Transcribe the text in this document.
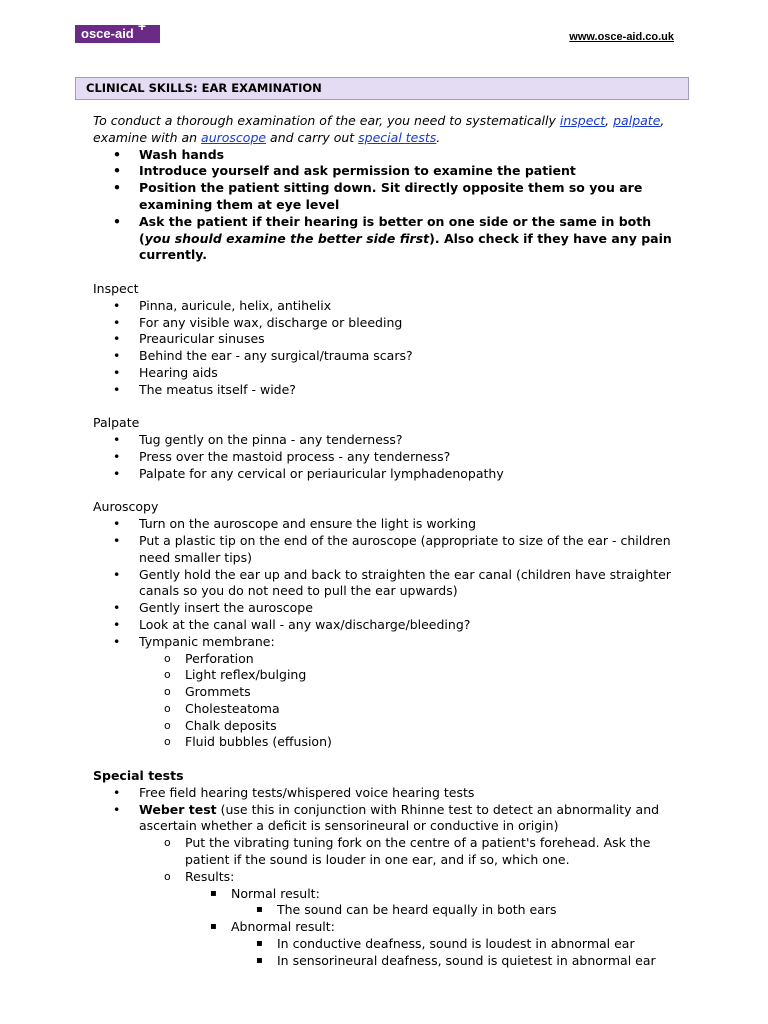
osce-aid +
www.osce-aid.co.uk
CLINICAL SKILLS: EAR EXAMINATION
To conduct a thorough examination of the ear, you need to systematically inspect, palpate, examine with an auroscope and carry out special tests.
• Wash hands
• Introduce yourself and ask permission to examine the patient
• Position the patient sitting down. Sit directly opposite them so you are examining them at eye level
• Ask the patient if their hearing is better on one side or the same in both (you should examine the better side first). Also check if they have any pain currently.
Inspect
• Pinna, auricule, helix, antihelix
• For any visible wax, discharge or bleeding
• Preauricular sinuses
• Behind the ear - any surgical/trauma scars?
• Hearing aids
• The meatus itself - wide?
Palpate
• Tug gently on the pinna - any tenderness?
• Press over the mastoid process - any tenderness?
• Palpate for any cervical or periauricular lymphadenopathy
Auroscopy
• Turn on the auroscope and ensure the light is working
• Put a plastic tip on the end of the auroscope (appropriate to size of the ear - children need smaller tips)
• Gently hold the ear up and back to straighten the ear canal (children have straighter canals so you do not need to pull the ear upwards)
• Gently insert the auroscope
• Look at the canal wall - any wax/discharge/bleeding?
• Tympanic membrane:
o Perforation
o Light reflex/bulging
o Grommets
o Cholesteatoma
o Chalk deposits
o Fluid bubbles (effusion)
Special tests
• Free field hearing tests/whispered voice hearing tests
• Weber test (use this in conjunction with Rhinne test to detect an abnormality and ascertain whether a deficit is sensorineural or conductive in origin)
o Put the vibrating tuning fork on the centre of a patient's forehead. Ask the patient if the sound is louder in one ear, and if so, which one.
o Results:
▪ Normal result:
▪ The sound can be heard equally in both ears
▪ Abnormal result:
▪ In conductive deafness, sound is loudest in abnormal ear
▪ In sensorineural deafness, sound is quietest in abnormal ear
